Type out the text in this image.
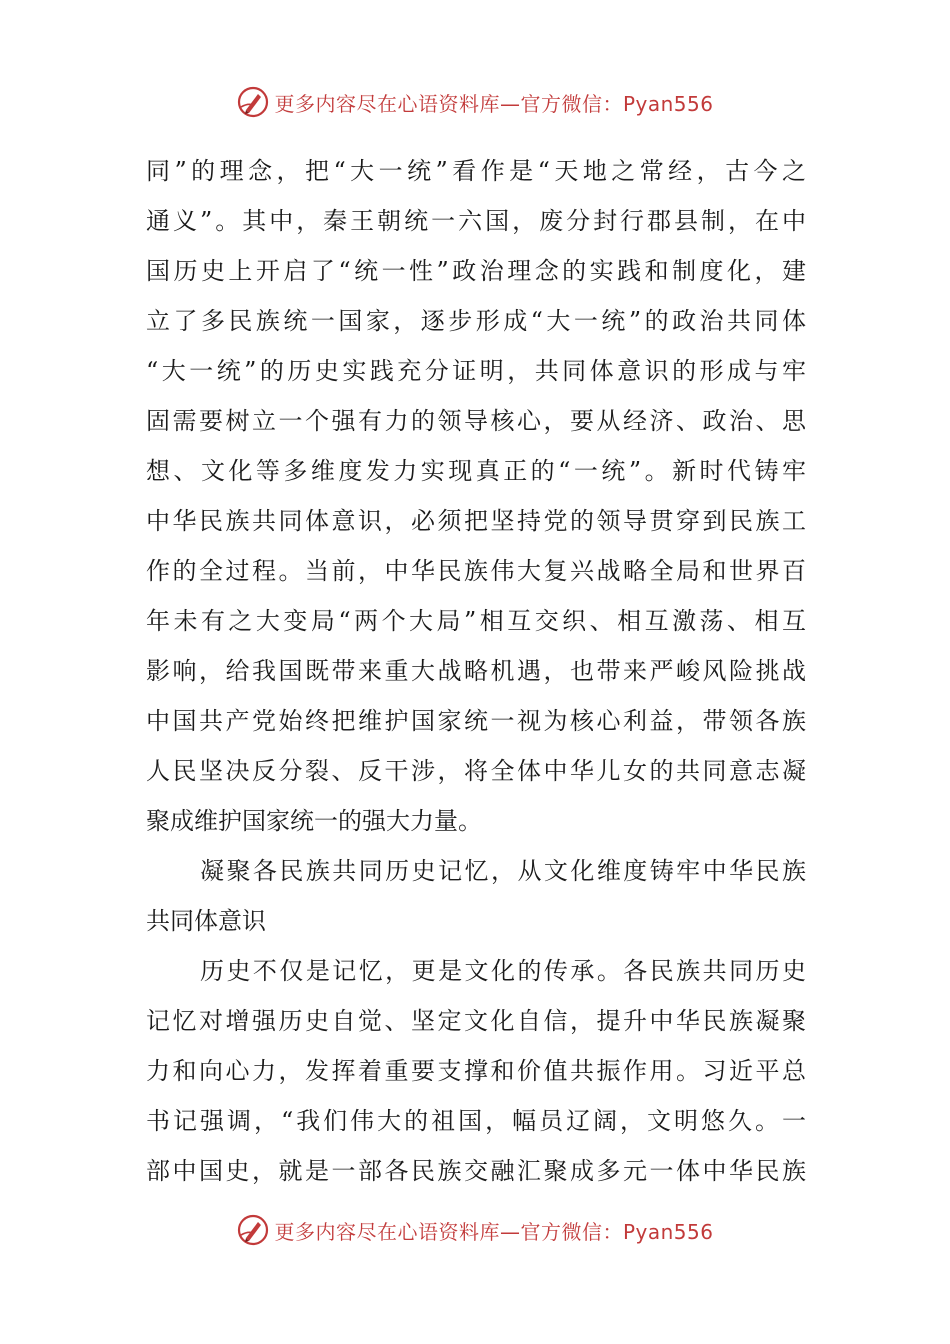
更多内容尽在心语资料库—官方微信：Pyan556
同”的理念，把“大一统”看作是“天地之常经，古今之
通义”。其中，秦王朝统一六国，废分封行郡县制，在中
国历史上开启了“统一性”政治理念的实践和制度化，建
立了多民族统一国家，逐步形成“大一统”的政治共同体
“大一统”的历史实践充分证明，共同体意识的形成与牢
固需要树立一个强有力的领导核心，要从经济、政治、思
想、文化等多维度发力实现真正的“一统”。新时代铸牢
中华民族共同体意识，必须把坚持党的领导贯穿到民族工
作的全过程。当前，中华民族伟大复兴战略全局和世界百
年未有之大变局“两个大局”相互交织、相互激荡、相互
影响，给我国既带来重大战略机遇，也带来严峻风险挑战
中国共产党始终把维护国家统一视为核心利益，带领各族
人民坚决反分裂、反干涉，将全体中华儿女的共同意志凝
聚成维护国家统一的强大力量。
凝聚各民族共同历史记忆，从文化维度铸牢中华民族
共同体意识
历史不仅是记忆，更是文化的传承。各民族共同历史
记忆对增强历史自觉、坚定文化自信，提升中华民族凝聚
力和向心力，发挥着重要支撑和价值共振作用。习近平总
书记强调，“我们伟大的祖国，幅员辽阔，文明悠久。一
部中国史，就是一部各民族交融汇聚成多元一体中华民族
更多内容尽在心语资料库—官方微信：Pyan556
